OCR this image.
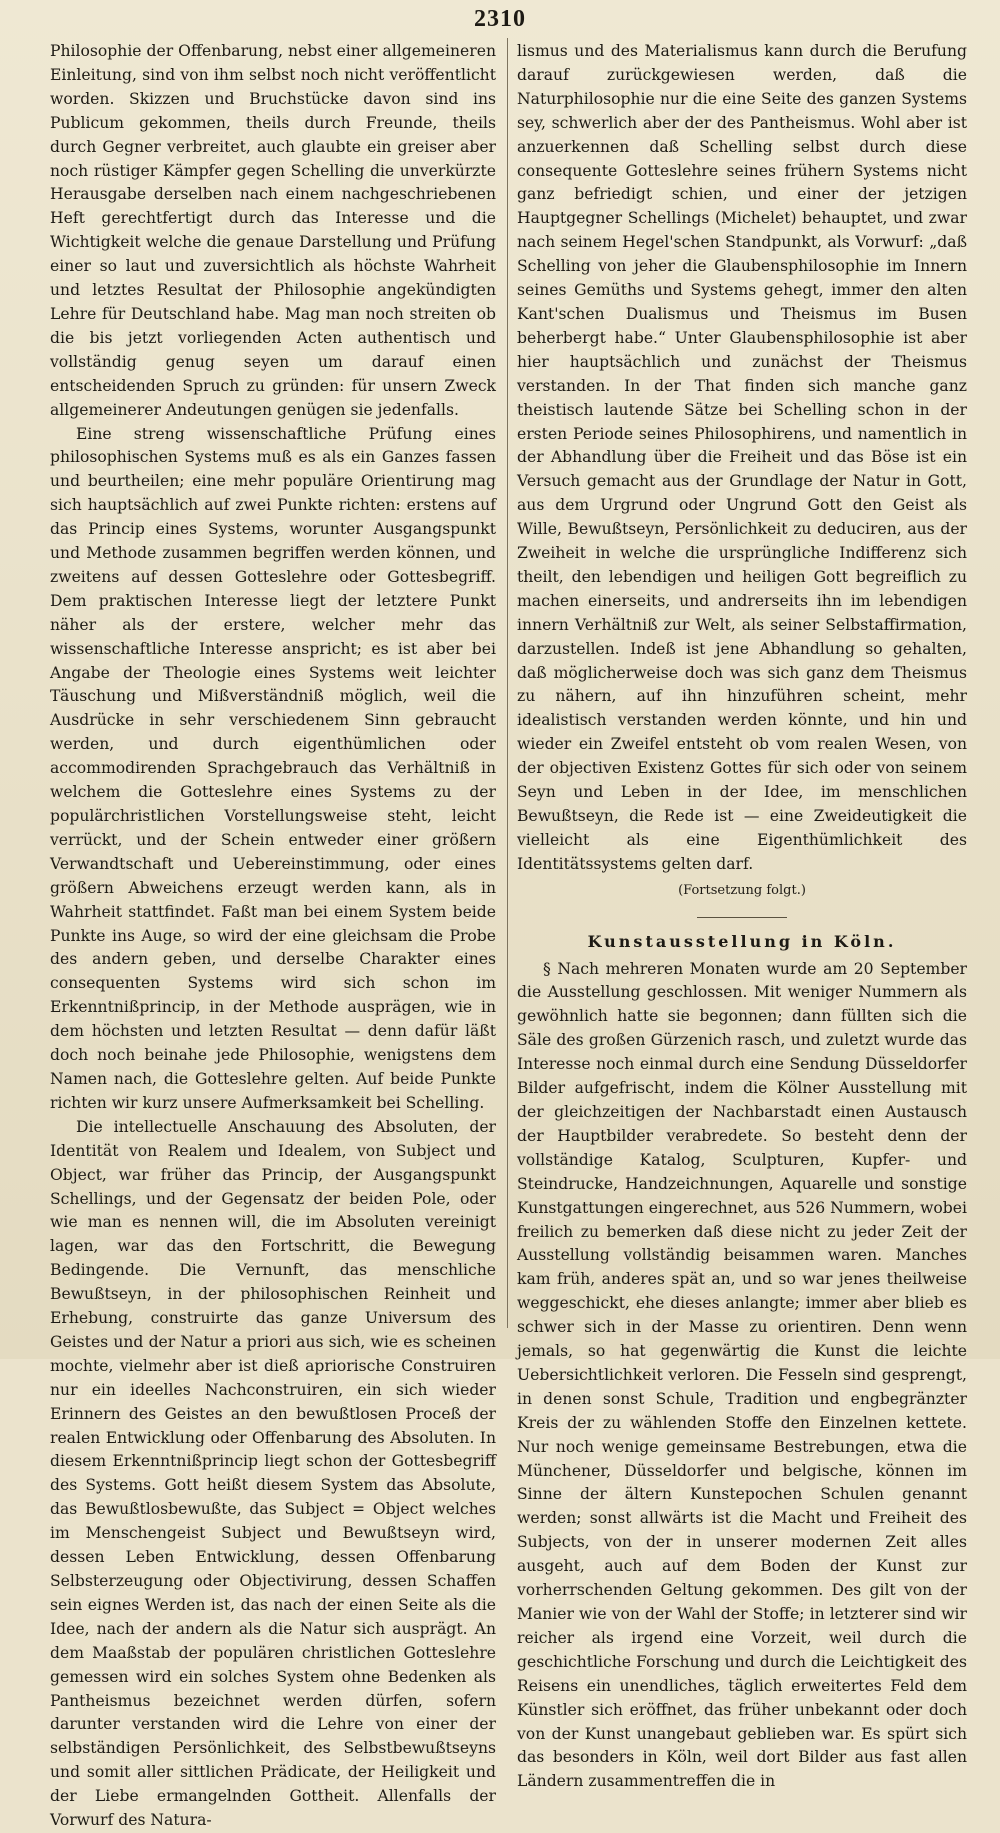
2310

Philosophie der Offenbarung, nebst einer allgemeineren Einleitung, sind von ihm selbst noch nicht veröffentlicht worden. Skizzen und Bruchstücke davon sind ins Publicum gekommen, theils durch Freunde, theils durch Gegner verbreitet, auch glaubte ein greiser aber noch rüstiger Kämpfer gegen Schelling die unverkürzte Herausgabe derselben nach einem nachgeschriebenen Heft gerechtfertigt durch das Interesse und die Wichtigkeit welche die genaue Darstellung und Prüfung einer so laut und zuversichtlich als höchste Wahrheit und letztes Resultat der Philosophie angekündigten Lehre für Deutschland habe. Mag man noch streiten ob die bis jetzt vorliegenden Acten authentisch und vollständig genug seyen um darauf einen entscheidenden Spruch zu gründen: für unsern Zweck allgemeinerer Andeutungen genügen sie jedenfalls.

Eine streng wissenschaftliche Prüfung eines philosophischen Systems muß es als ein Ganzes fassen und beurtheilen; eine mehr populäre Orientirung mag sich hauptsächlich auf zwei Punkte richten: erstens auf das Princip eines Systems, worunter Ausgangspunkt und Methode zusammen begriffen werden können, und zweitens auf dessen Gotteslehre oder Gottesbegriff. Dem praktischen Interesse liegt der letztere Punkt näher als der erstere, welcher mehr das wissenschaftliche Interesse anspricht; es ist aber bei Angabe der Theologie eines Systems weit leichter Täuschung und Mißverständniß möglich, weil die Ausdrücke in sehr verschiedenem Sinn gebraucht werden, und durch eigenthümlichen oder accommodirenden Sprachgebrauch das Verhältniß in welchem die Gotteslehre eines Systems zu der populärchristlichen Vorstellungsweise steht, leicht verrückt, und der Schein entweder einer größern Verwandtschaft und Uebereinstimmung, oder eines größern Abweichens erzeugt werden kann, als in Wahrheit stattfindet. Faßt man bei einem System beide Punkte ins Auge, so wird der eine gleichsam die Probe des andern geben, und derselbe Charakter eines consequenten Systems wird sich schon im Erkenntnißprincip, in der Methode ausprägen, wie in dem höchsten und letzten Resultat — denn dafür läßt doch noch beinahe jede Philosophie, wenigstens dem Namen nach, die Gotteslehre gelten. Auf beide Punkte richten wir kurz unsere Aufmerksamkeit bei Schelling.

Die intellectuelle Anschauung des Absoluten, der Identität von Realem und Idealem, von Subject und Object, war früher das Princip, der Ausgangspunkt Schellings, und der Gegensatz der beiden Pole, oder wie man es nennen will, die im Absoluten vereinigt lagen, war das den Fortschritt, die Bewegung Bedingende. Die Vernunft, das menschliche Bewußtseyn, in der philosophischen Reinheit und Erhebung, construirte das ganze Universum des Geistes und der Natur a priori aus sich, wie es scheinen mochte, vielmehr aber ist dieß apriorische Construiren nur ein ideelles Nachconstruiren, ein sich wieder Erinnern des Geistes an den bewußtlosen Proceß der realen Entwicklung oder Offenbarung des Absoluten. In diesem Erkenntnißprincip liegt schon der Gottesbegriff des Systems. Gott heißt diesem System das Absolute, das Bewußtlosbewußte, das Subject = Object welches im Menschengeist Subject und Bewußtseyn wird, dessen Leben Entwicklung, dessen Offenbarung Selbsterzeugung oder Objectivirung, dessen Schaffen sein eignes Werden ist, das nach der einen Seite als die Idee, nach der andern als die Natur sich ausprägt. An dem Maaßstab der populären christlichen Gotteslehre gemessen wird ein solches System ohne Bedenken als Pantheismus bezeichnet werden dürfen, sofern darunter verstanden wird die Lehre von einer der selbständigen Persönlichkeit, des Selbstbewußtseyns und somit aller sittlichen Prädicate, der Heiligkeit und der Liebe ermangelnden Gottheit. Allenfalls der Vorwurf des Natura-

lismus und des Materialismus kann durch die Berufung darauf zurückgewiesen werden, daß die Naturphilosophie nur die eine Seite des ganzen Systems sey, schwerlich aber der des Pantheismus. Wohl aber ist anzuerkennen daß Schelling selbst durch diese consequente Gotteslehre seines frühern Systems nicht ganz befriedigt schien, und einer der jetzigen Hauptgegner Schellings (Michelet) behauptet, und zwar nach seinem Hegel'schen Standpunkt, als Vorwurf: „daß Schelling von jeher die Glaubensphilosophie im Innern seines Gemüths und Systems gehegt, immer den alten Kant'schen Dualismus und Theismus im Busen beherbergt habe.“ Unter Glaubensphilosophie ist aber hier hauptsächlich und zunächst der Theismus verstanden. In der That finden sich manche ganz theistisch lautende Sätze bei Schelling schon in der ersten Periode seines Philosophirens, und namentlich in der Abhandlung über die Freiheit und das Böse ist ein Versuch gemacht aus der Grundlage der Natur in Gott, aus dem Urgrund oder Ungrund Gott den Geist als Wille, Bewußtseyn, Persönlichkeit zu deduciren, aus der Zweiheit in welche die ursprüngliche Indifferenz sich theilt, den lebendigen und heiligen Gott begreiflich zu machen einerseits, und andrerseits ihn im lebendigen innern Verhältniß zur Welt, als seiner Selbstaffirmation, darzustellen. Indeß ist jene Abhandlung so gehalten, daß möglicherweise doch was sich ganz dem Theismus zu nähern, auf ihn hinzuführen scheint, mehr idealistisch verstanden werden könnte, und hin und wieder ein Zweifel entsteht ob vom realen Wesen, von der objectiven Existenz Gottes für sich oder von seinem Seyn und Leben in der Idee, im menschlichen Bewußtseyn, die Rede ist — eine Zweideutigkeit die vielleicht als eine Eigenthümlichkeit des Identitätssystems gelten darf.

(Fortsetzung folgt.)
Kunstausstellung in Köln.

§ Nach mehreren Monaten wurde am 20 September die Ausstellung geschlossen. Mit weniger Nummern als gewöhnlich hatte sie begonnen; dann füllten sich die Säle des großen Gürzenich rasch, und zuletzt wurde das Interesse noch einmal durch eine Sendung Düsseldorfer Bilder aufgefrischt, indem die Kölner Ausstellung mit der gleichzeitigen der Nachbarstadt einen Austausch der Hauptbilder verabredete. So besteht denn der vollständige Katalog, Sculpturen, Kupfer- und Steindrucke, Handzeichnungen, Aquarelle und sonstige Kunstgattungen eingerechnet, aus 526 Nummern, wobei freilich zu bemerken daß diese nicht zu jeder Zeit der Ausstellung vollständig beisammen waren. Manches kam früh, anderes spät an, und so war jenes theilweise weggeschickt, ehe dieses anlangte; immer aber blieb es schwer sich in der Masse zu orientiren. Denn wenn jemals, so hat gegenwärtig die Kunst die leichte Uebersichtlichkeit verloren. Die Fesseln sind gesprengt, in denen sonst Schule, Tradition und engbegränzter Kreis der zu wählenden Stoffe den Einzelnen kettete. Nur noch wenige gemeinsame Bestrebungen, etwa die Münchener, Düsseldorfer und belgische, können im Sinne der ältern Kunstepochen Schulen genannt werden; sonst allwärts ist die Macht und Freiheit des Subjects, von der in unserer modernen Zeit alles ausgeht, auch auf dem Boden der Kunst zur vorherrschenden Geltung gekommen. Des gilt von der Manier wie von der Wahl der Stoffe; in letzterer sind wir reicher als irgend eine Vorzeit, weil durch die geschichtliche Forschung und durch die Leichtigkeit des Reisens ein unendliches, täglich erweitertes Feld dem Künstler sich eröffnet, das früher unbekannt oder doch von der Kunst unangebaut geblieben war. Es spürt sich das besonders in Köln, weil dort Bilder aus fast allen Ländern zusammentreffen die in
